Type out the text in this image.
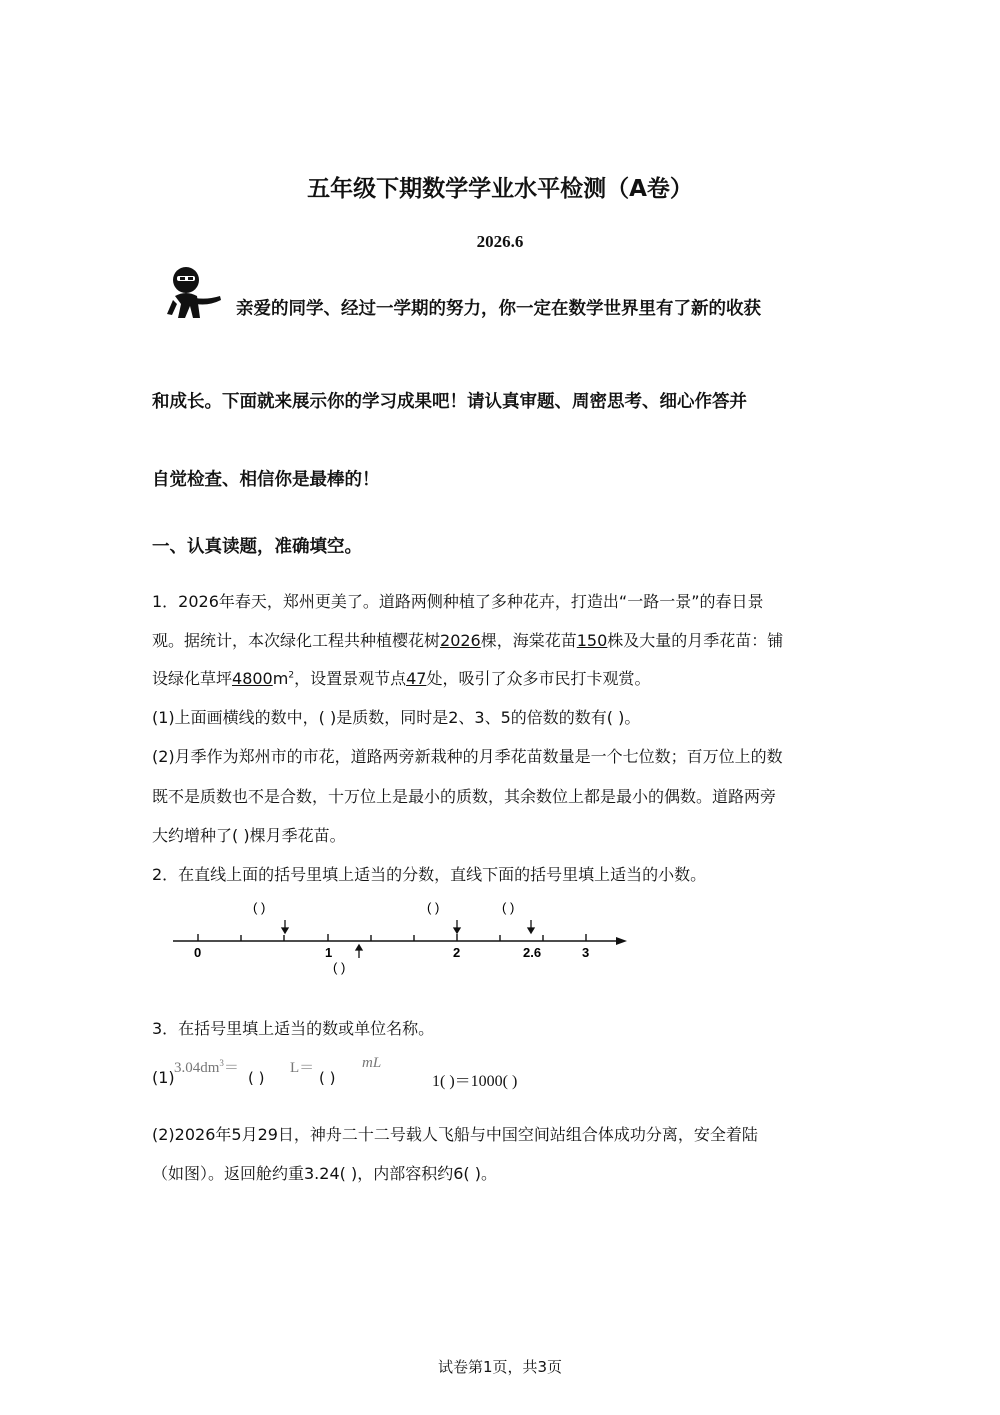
五年级下期数学学业水平检测（A卷）
2026.6
亲爱的同学、经过一学期的努力，你一定在数学世界里有了新的收获
和成长。下面就来展示你的学习成果吧！请认真审题、周密思考、细心作答并
自觉检查、相信你是最棒的！
一、认真读题，准确填空。
1．2026年春天，郑州更美了。道路两侧种植了多种花卉，打造出“一路一景”的春日景
观。据统计，本次绿化工程共种植樱花树2026棵，海棠花苗150株及大量的月季花苗：铺
设绿化草坪$4800m^2$，设置景观节点47处，吸引了众多市民打卡观赏。
(1)上面画横线的数中，( )是质数，同时是2、3、5的倍数的数有( )。
(2)月季作为郑州市的市花，道路两旁新栽种的月季花苗数量是一个七位数；百万位上的数
既不是质数也不是合数，十万位上是最小的质数，其余数位上都是最小的偶数。道路两旁
大约增种了( )棵月季花苗。
2．在直线上面的括号里填上适当的分数，直线下面的括号里填上适当的小数。
0	1	2	2.6	3
( )	( )	( )
( )
3．在括号里填上适当的数或单位名称。
(1) $3.04dm^3=$
( )
L＝
( )
mL
1( )＝1000( )
(2)2026年5月29日，神舟二十二号载人飞船与中国空间站组合体成功分离，安全着陆
（如图）。返回舱约重3.24( )，内部容积约6( )。
试卷第1页，共3页
